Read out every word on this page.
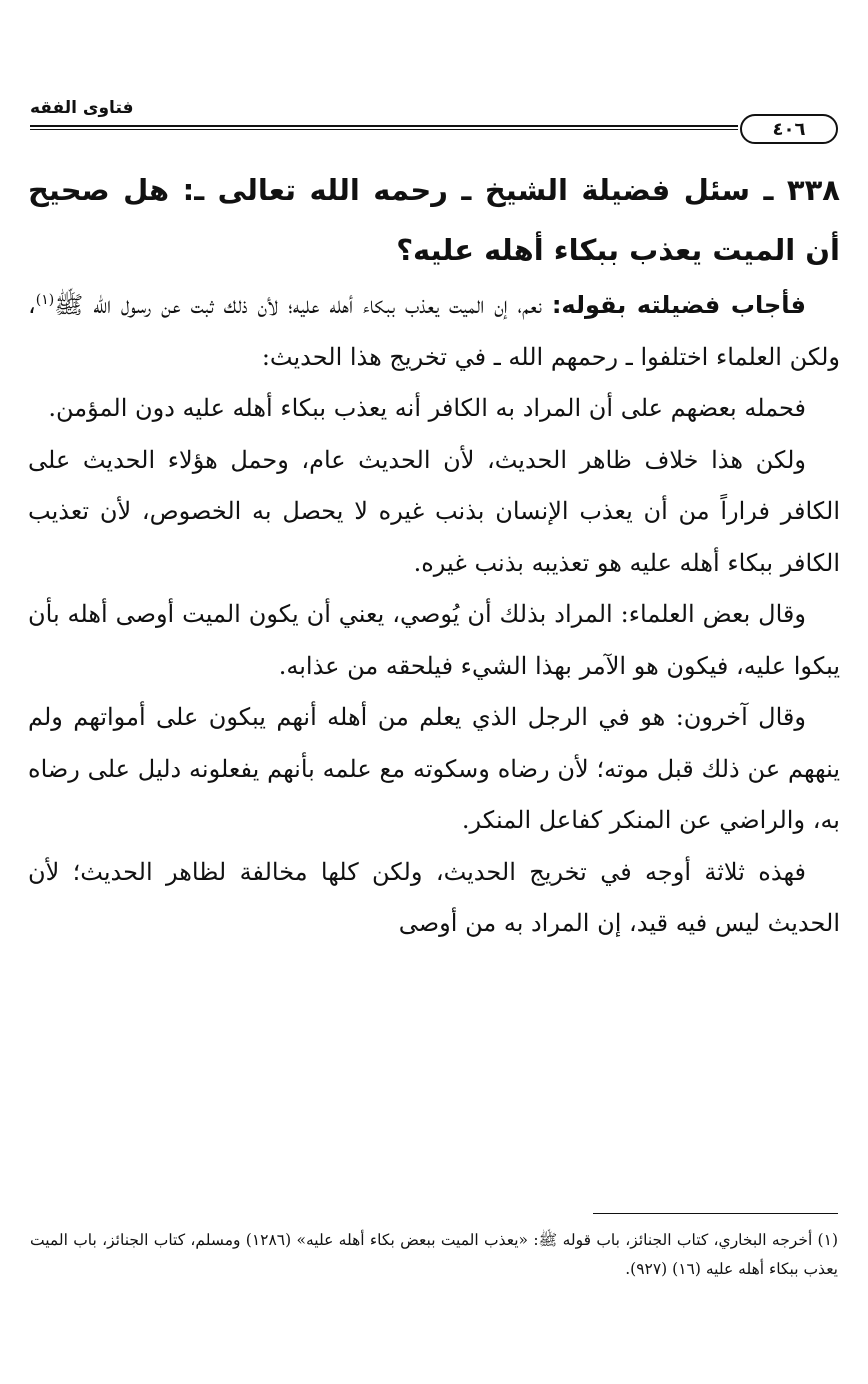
فتاوى الفقه
٤٠٦

٣٣٨ ـ سئل فضيلة الشيخ ـ رحمه الله تعالى ـ: هل صحيح أن الميت يعذب ببكاء أهله عليه؟

فأجاب فضيلته بقوله: نعم، إن الميت يعذب ببكاء أهله عليه؛ لأن ذلك ثبت عن رسول الله ﷺ$^{(١)}$، ولكن العلماء اختلفوا ـ رحمهم الله ـ في تخريج هذا الحديث:

فحمله بعضهم على أن المراد به الكافر أنه يعذب ببكاء أهله عليه دون المؤمن.

ولكن هذا خلاف ظاهر الحديث، لأن الحديث عام، وحمل هؤلاء الحديث على الكافر فراراً من أن يعذب الإنسان بذنب غيره لا يحصل به الخصوص، لأن تعذيب الكافر ببكاء أهله عليه هو تعذيبه بذنب غيره.

وقال بعض العلماء: المراد بذلك أن يُوصي، يعني أن يكون الميت أوصى أهله بأن يبكوا عليه، فيكون هو الآمر بهذا الشيء فيلحقه من عذابه.

وقال آخرون: هو في الرجل الذي يعلم من أهله أنهم يبكون على أمواتهم ولم ينههم عن ذلك قبل موته؛ لأن رضاه وسكوته مع علمه بأنهم يفعلونه دليل على رضاه به، والراضي عن المنكر كفاعل المنكر.

فهذه ثلاثة أوجه في تخريج الحديث، ولكن كلها مخالفة لظاهر الحديث؛ لأن الحديث ليس فيه قيد، إن المراد به من أوصى

(١) أخرجه البخاري، كتاب الجنائز، باب قوله ﷺ: «يعذب الميت ببعض بكاء أهله عليه» (١٢٨٦) ومسلم، كتاب الجنائز، باب الميت يعذب ببكاء أهله عليه (١٦) (٩٢٧).
